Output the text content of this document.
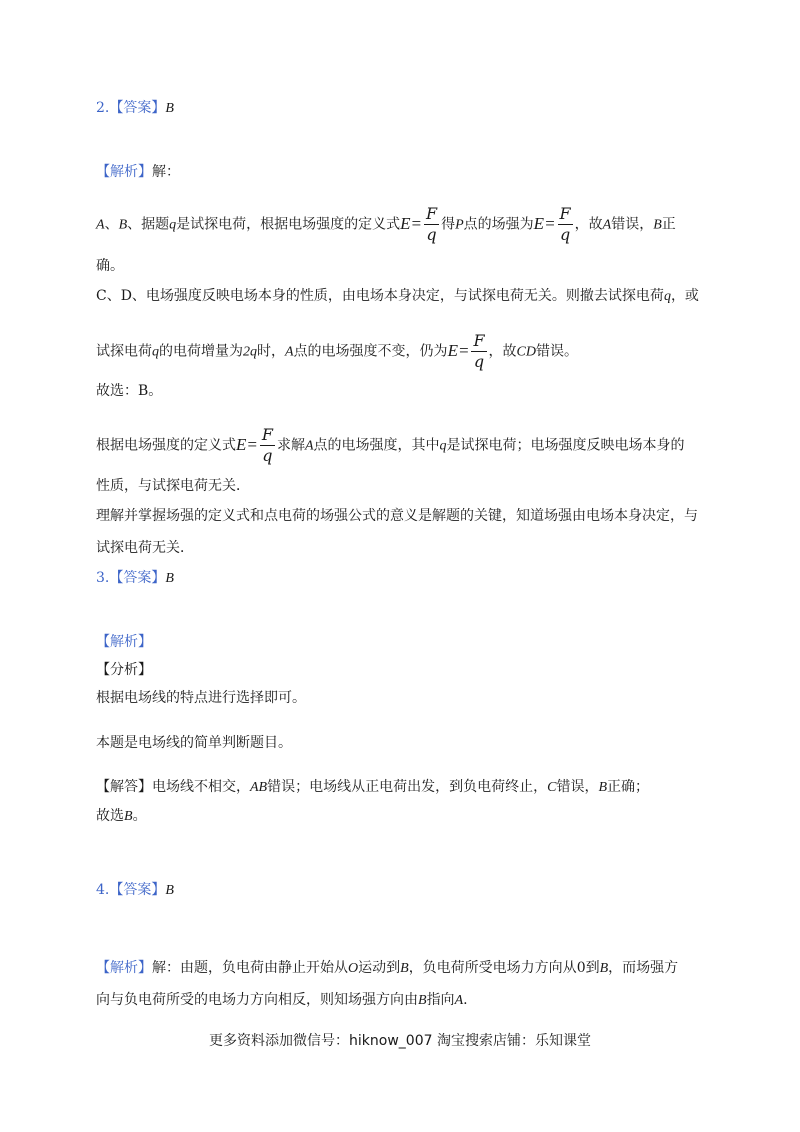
2.【答案】B
【解析】解：
A、B、据题q是试探电荷，根据电场强度的定义式$E= \frac{F}{q}$ 得P点的场强为$E= \frac{F}{q}$ ，故A错误，B正
确。
C、D、电场强度反映电场本身的性质，由电场本身决定，与试探电荷无关。则撤去试探电荷q，或
试探电荷q的电荷增量为2q时，A点的电场强度不变，仍为$E= \frac{F}{q}$ ，故CD错误。
故选：B。
根据电场强度的定义式$E= \frac{F}{q}$ 求解A点的电场强度，其中q是试探电荷；电场强度反映电场本身的
性质，与试探电荷无关．
理解并掌握场强的定义式和点电荷的场强公式的意义是解题的关键，知道场强由电场本身决定，与
试探电荷无关．
3.【答案】B
【解析】
【分析】
根据电场线的特点进行选择即可。
本题是电场线的简单判断题目。
【解答】电场线不相交，AB错误；电场线从正电荷出发，到负电荷终止，C错误，B正确；
故选B。
4.【答案】B
【解析】解：由题，负电荷由静止开始从O运动到B，负电荷所受电场力方向从0到B，而场强方
向与负电荷所受的电场力方向相反，则知场强方向由B指向A.
更多资料添加微信号：hiknow_007 淘宝搜索店铺：乐知课堂
